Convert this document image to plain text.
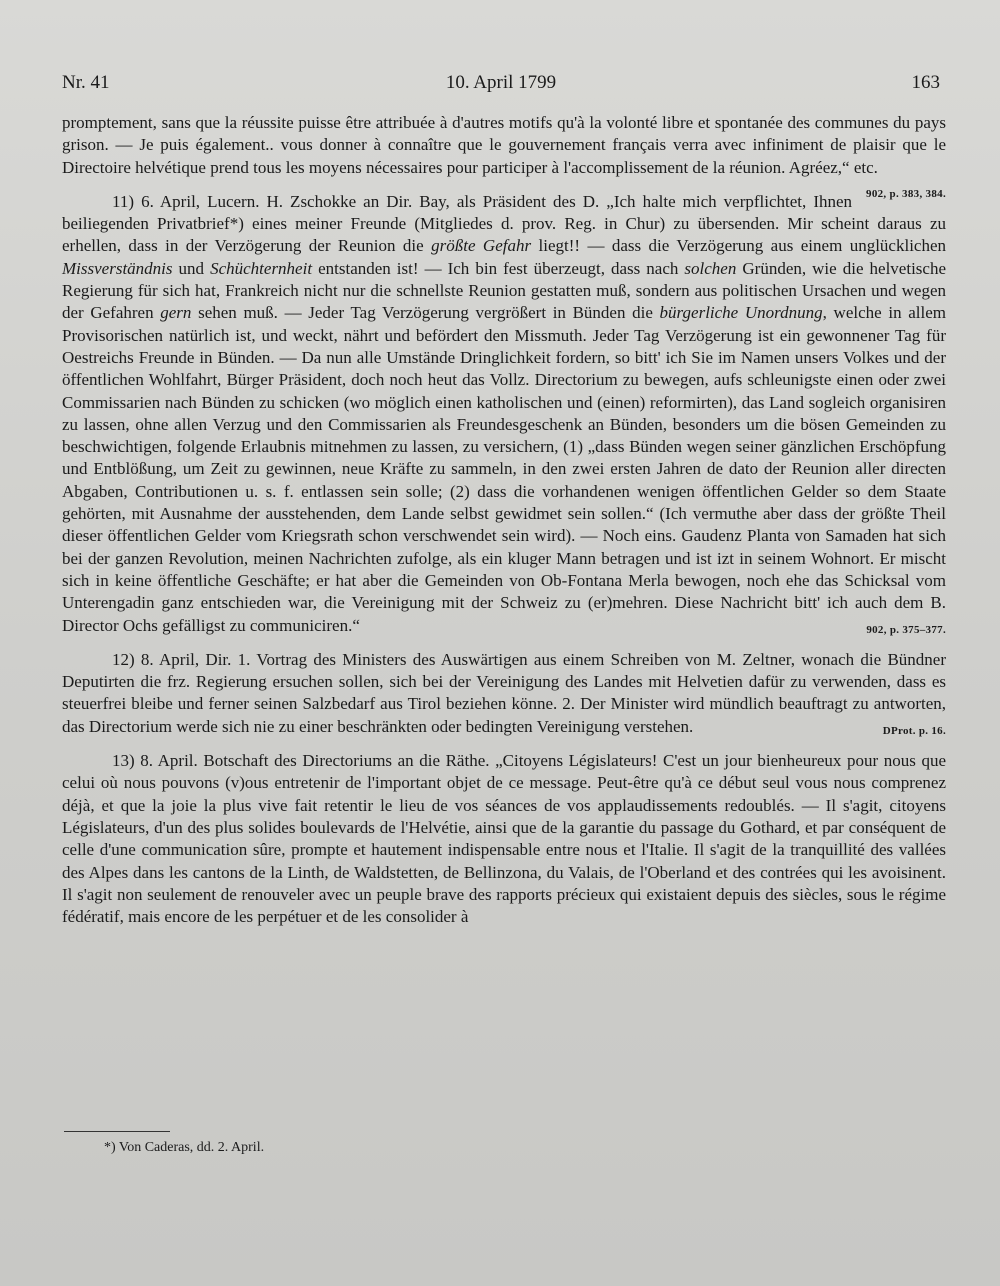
Nr. 41	10. April 1799	163

promptement, sans que la réussite puisse être attribuée à d'autres motifs qu'à la volonté libre et spontanée des communes du pays grison. — Je puis également.. vous donner à connaître que le gouvernement français verra avec infiniment de plaisir que le Directoire helvétique prend tous les moyens nécessaires pour participer à l'accomplissement de la réunion. Agréez,“ etc.
902, p. 383, 384.

11) 6. April, Lucern. H. Zschokke an Dir. Bay, als Präsident des D. „Ich halte mich verpflichtet, Ihnen beiliegenden Privatbrief*) eines meiner Freunde (Mitgliedes d. prov. Reg. in Chur) zu übersenden. Mir scheint daraus zu erhellen, dass in der Verzögerung der Reunion die größte Gefahr liegt!! — dass die Verzögerung aus einem unglücklichen Missverständnis und Schüchternheit entstanden ist! — Ich bin fest überzeugt, dass nach solchen Gründen, wie die helvetische Regierung für sich hat, Frankreich nicht nur die schnellste Reunion gestatten muß, sondern aus politischen Ursachen und wegen der Gefahren gern sehen muß. — Jeder Tag Verzögerung vergrößert in Bünden die bürgerliche Unordnung, welche in allem Provisorischen natürlich ist, und weckt, nährt und befördert den Missmuth. Jeder Tag Verzögerung ist ein gewonnener Tag für Oestreichs Freunde in Bünden. — Da nun alle Umstände Dringlichkeit fordern, so bitt' ich Sie im Namen unsers Volkes und der öffentlichen Wohlfahrt, Bürger Präsident, doch noch heut das Vollz. Directorium zu bewegen, aufs schleunigste einen oder zwei Commissarien nach Bünden zu schicken (wo möglich einen katholischen und (einen) reformirten), das Land sogleich organisiren zu lassen, ohne allen Verzug und den Commissarien als Freundesgeschenk an Bünden, besonders um die bösen Gemeinden zu beschwichtigen, folgende Erlaubnis mitnehmen zu lassen, zu versichern, (1) „dass Bünden wegen seiner gänzlichen Erschöpfung und Entblößung, um Zeit zu gewinnen, neue Kräfte zu sammeln, in den zwei ersten Jahren de dato der Reunion aller directen Abgaben, Contributionen u. s. f. entlassen sein solle; (2) dass die vorhandenen wenigen öffentlichen Gelder so dem Staate gehörten, mit Ausnahme der ausstehenden, dem Lande selbst gewidmet sein sollen.“ (Ich vermuthe aber dass der größte Theil dieser öffentlichen Gelder vom Kriegsrath schon verschwendet sein wird). — Noch eins. Gaudenz Planta von Samaden hat sich bei der ganzen Revolution, meinen Nachrichten zufolge, als ein kluger Mann betragen und ist izt in seinem Wohnort. Er mischt sich in keine öffentliche Geschäfte; er hat aber die Gemeinden von Ob-Fontana Merla bewogen, noch ehe das Schicksal vom Unterengadin ganz entschieden war, die Vereinigung mit der Schweiz zu (er)mehren. Diese Nachricht bitt' ich auch dem B. Director Ochs gefälligst zu communiciren.“	902, p. 375–377.

12) 8. April, Dir. 1. Vortrag des Ministers des Auswärtigen aus einem Schreiben von M. Zeltner, wonach die Bündner Deputirten die frz. Regierung ersuchen sollen, sich bei der Vereinigung des Landes mit Helvetien dafür zu verwenden, dass es steuerfrei bleibe und ferner seinen Salzbedarf aus Tirol beziehen könne. 2. Der Minister wird mündlich beauftragt zu antworten, das Directorium werde sich nie zu einer beschränkten oder bedingten Vereinigung verstehen.	DProt. p. 16.

13) 8. April. Botschaft des Directoriums an die Räthe. „Citoyens Législateurs! C'est un jour bienheureux pour nous que celui où nous pouvons (v)ous entretenir de l'important objet de ce message. Peut-être qu'à ce début seul vous nous comprenez déjà, et que la joie la plus vive fait retentir le lieu de vos séances de vos applaudissements redoublés. — Il s'agit, citoyens Législateurs, d'un des plus solides boulevards de l'Helvétie, ainsi que de la garantie du passage du Gothard, et par conséquent de celle d'une communication sûre, prompte et hautement indispensable entre nous et l'Italie. Il s'agit de la tranquillité des vallées des Alpes dans les cantons de la Linth, de Waldstetten, de Bellinzona, du Valais, de l'Oberland et des contrées qui les avoisinent. Il s'agit non seulement de renouveler avec un peuple brave des rapports précieux qui existaient depuis des siècles, sous le régime fédératif, mais encore de les perpétuer et de les consolider à

*) Von Caderas, dd. 2. April.
